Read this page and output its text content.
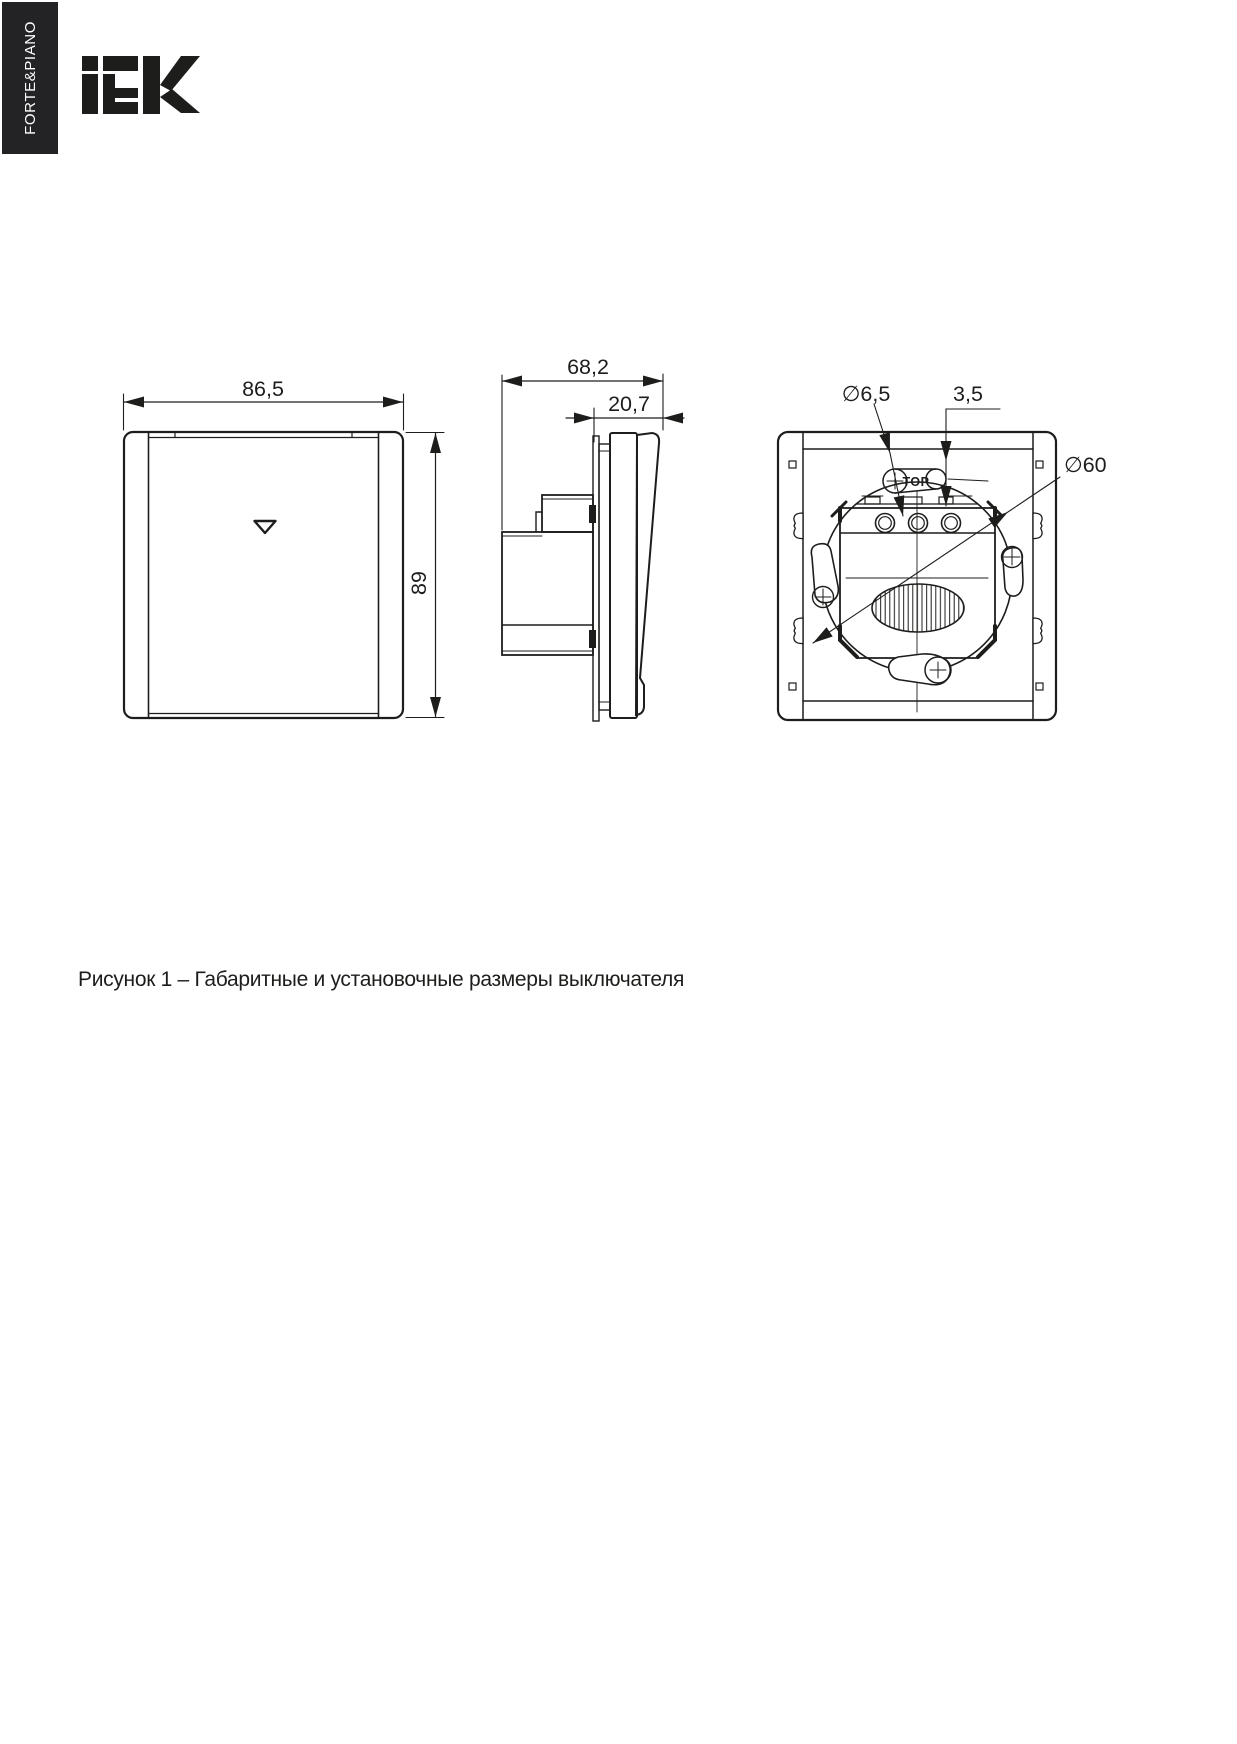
FORTE&PIANO
86,5
89
68,2
20,7	∅6,5	3,5
∅60
TOP
Рисунок 1 – Габаритные и установочные размеры выключателя
